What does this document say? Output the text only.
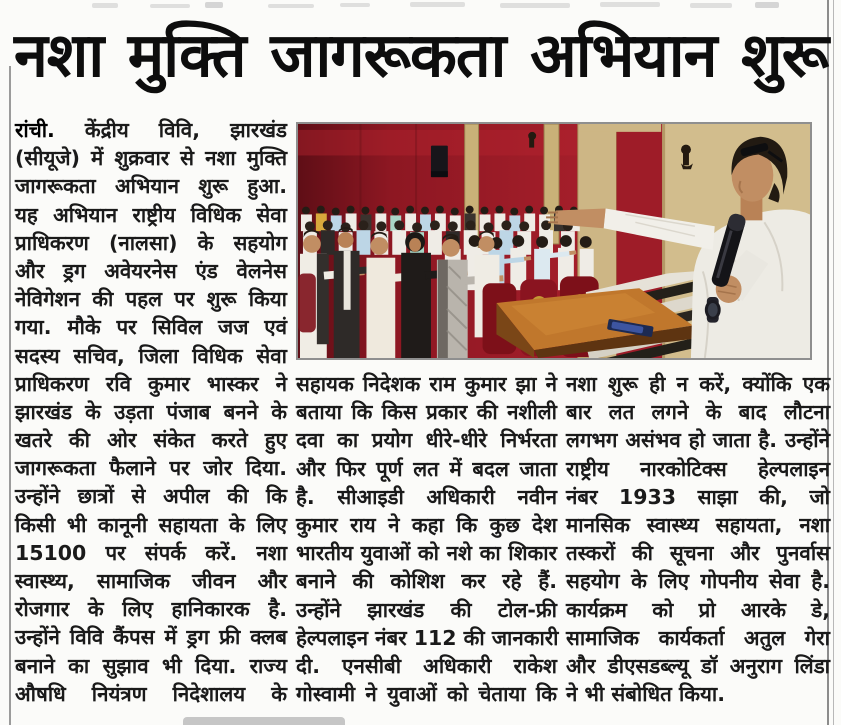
नशा मुक्ति जागरूकता अभियान शुरू
रांची. केंद्रीय विवि, झारखंड
(सीयूजे) में शुक्रवार से नशा मुक्ति
जागरूकता अभियान शुरू हुआ.
यह अभियान राष्ट्रीय विधिक सेवा
प्राधिकरण (नालसा) के सहयोग
और ड्रग अवेयरनेस एंड वेलनेस
नेविगेशन की पहल पर शुरू किया
गया. मौके पर सिविल जज एवं
सदस्य सचिव, जिला विधिक सेवा
प्राधिकरण रवि कुमार भास्कर ने
झारखंड के उड़ता पंजाब बनने के
खतरे की ओर संकेत करते हुए
जागरूकता फैलाने पर जोर दिया.
उन्होंने छात्रों से अपील की कि
किसी भी कानूनी सहायता के लिए
15100 पर संपर्क करें. नशा
स्वास्थ्य, सामाजिक जीवन और
रोजगार के लिए हानिकारक है.
उन्होंने विवि कैंपस में ड्रग फ्री क्लब
बनाने का सुझाव भी दिया. राज्य
औषधि नियंत्रण निदेशालय के
सहायक निदेशक राम कुमार झा ने
बताया कि किस प्रकार की नशीली
दवा का प्रयोग धीरे-धीरे निर्भरता
और फिर पूर्ण लत में बदल जाता
है. सीआइडी अधिकारी नवीन
कुमार राय ने कहा कि कुछ देश
भारतीय युवाओं को नशे का शिकार
बनाने की कोशिश कर रहे हैं.
उन्होंने झारखंड की टोल-फ्री
हेल्पलाइन नंबर 112 की जानकारी
दी. एनसीबी अधिकारी राकेश
गोस्वामी ने युवाओं को चेताया कि
नशा शुरू ही न करें, क्योंकि एक
बार लत लगने के बाद लौटना
लगभग असंभव हो जाता है. उन्होंने
राष्ट्रीय नारकोटिक्स हेल्पलाइन
नंबर 1933 साझा की, जो
मानसिक स्वास्थ्य सहायता, नशा
तस्करों की सूचना और पुनर्वास
सहयोग के लिए गोपनीय सेवा है.
कार्यक्रम को प्रो आरके डे,
सामाजिक कार्यकर्ता अतुल गेरा
और डीएसडब्ल्यू डॉ अनुराग लिंडा
ने भी संबोधित किया.
